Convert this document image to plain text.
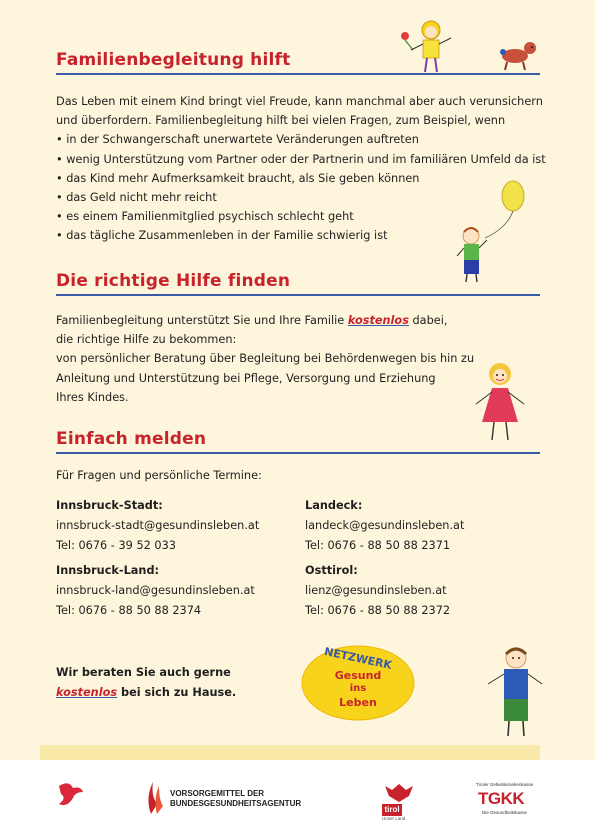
Familienbegleitung hilft
Das Leben mit einem Kind bringt viel Freude, kann manchmal aber auch verunsichern
und überfordern. Familienbegleitung hilft bei vielen Fragen, zum Beispiel, wenn
• in der Schwangerschaft unerwartete Veränderungen auftreten
• wenig Unterstützung vom Partner oder der Partnerin und im familiären Umfeld da ist
• das Kind mehr Aufmerksamkeit braucht, als Sie geben können
• das Geld nicht mehr reicht
• es einem Familienmitglied psychisch schlecht geht
• das tägliche Zusammenleben in der Familie schwierig ist
Die richtige Hilfe finden
Familienbegleitung unterstützt Sie und Ihre Familie kostenlos dabei,
die richtige Hilfe zu bekommen:
von persönlicher Beratung über Begleitung bei Behördenwegen bis hin zu
Anleitung und Unterstützung bei Pflege, Versorgung und Erziehung
Ihres Kindes.
Einfach melden
Für Fragen und persönliche Termine:
Innsbruck-Stadt:
innsbruck-stadt@gesundinsleben.at
Tel: 0676 - 39 52 033
Landeck:
landeck@gesundinsleben.at
Tel: 0676 - 88 50 88 2371
Innsbruck-Land:
innsbruck-land@gesundinsleben.at
Tel: 0676 - 88 50 88 2374
Osttirol:
lienz@gesundinsleben.at
Tel: 0676 - 88 50 88 2372
Wir beraten Sie auch gerne
kostenlos bei sich zu Hause.
NETZWERK
Gesund
ins
Leben
VORSORGEMITTEL DER
BUNDESGESUNDHEITSAGENTUR
tirol
Unser Land
Tiroler Gebietskrankenkasse
TGKK
Die Gesundheitskasse
